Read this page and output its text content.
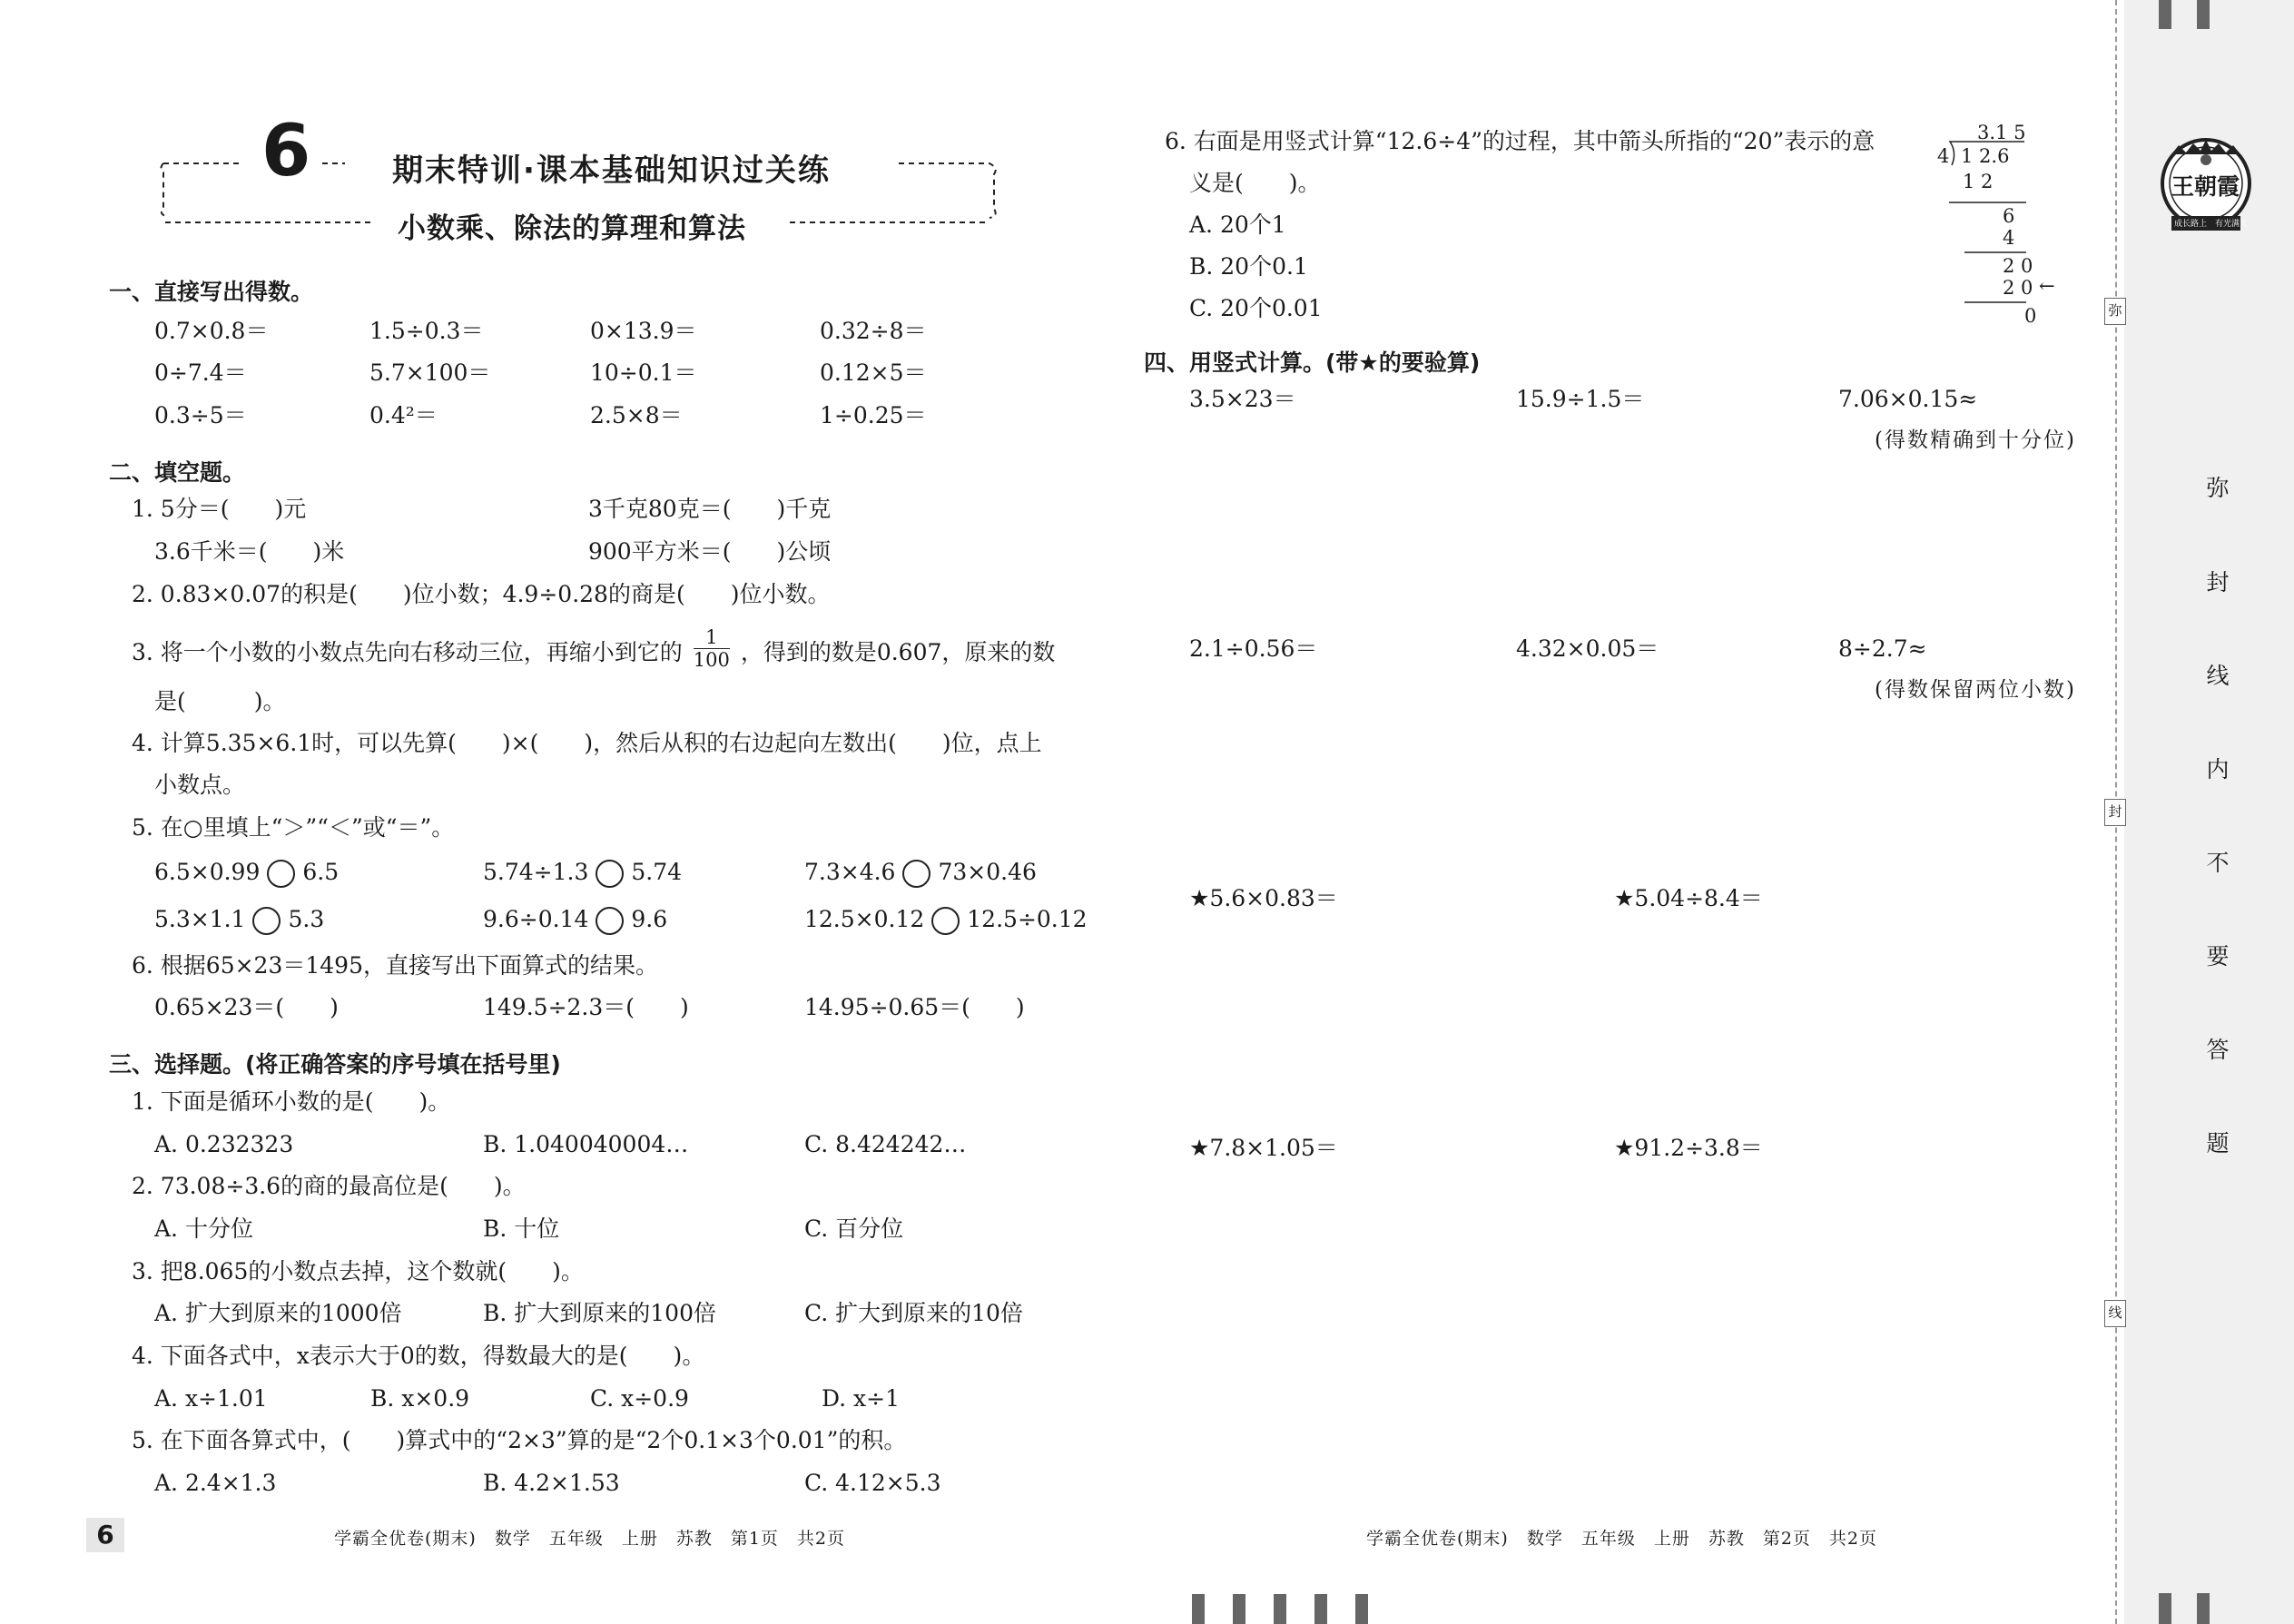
6	期末特训·课本基础知识过关练
小数乘、除法的算理和算法
一、直接写出得数。
0.7×0.8＝	1.5÷0.3＝	0×13.9＝	0.32÷8＝
0÷7.4＝	5.7×100＝	10÷0.1＝	0.12×5＝
0.3÷5＝	0.4²＝	2.5×8＝	1÷0.25＝
二、填空题。
1. 5分＝(　　)元	3千克80克＝(　　)千克
3.6千米＝(　　)米	900平方米＝(　　)公顷
2. 0.83×0.07的积是(　　)位小数；4.9÷0.28的商是(　　)位小数。
3. 将一个小数的小数点先向右移动三位，再缩小到它的 $\frac{1}{100}$ ，得到的数是0.607，原来的数
是(　　　)。
4. 计算5.35×6.1时，可以先算(　　)×(　　)，然后从积的右边起向左数出(　　)位，点上
小数点。
5. 在○里填上“＞”“＜”或“＝”。
6.5×0.99 6.5	5.74÷1.3 5.74	7.3×4.6 73×0.46
5.3×1.1 5.3	9.6÷0.14 9.6	12.5×0.12 12.5÷0.12
6. 根据65×23＝1495，直接写出下面算式的结果。
0.65×23＝(　　)	149.5÷2.3＝(　　)	14.95÷0.65＝(　　)
三、选择题。(将正确答案的序号填在括号里)
1. 下面是循环小数的是(　　)。
A. 0.232323	B. 1.040040004…	C. 8.424242…
2. 73.08÷3.6的商的最高位是(　　)。
A. 十分位	B. 十位	C. 百分位
3. 把8.065的小数点去掉，这个数就(　　)。
A. 扩大到原来的1000倍	B. 扩大到原来的100倍	C. 扩大到原来的10倍
4. 下面各式中，x表示大于0的数，得数最大的是(　　)。
A. x÷1.01	B. x×0.9	C. x÷0.9	D. x÷1
5. 在下面各算式中，(　　)算式中的“2×3”算的是“2个0.1×3个0.01”的积。
A. 2.4×1.3	B. 4.2×1.53	C. 4.12×5.3
6	学霸全优卷(期末)　数学　五年级　上册　苏教　第1页　共2页
6. 右面是用竖式计算“12.6÷4”的过程，其中箭头所指的“20”表示的意
义是(　　)。
A. 20个1
B. 20个0.1
C. 20个0.01
3.1 5
4 1 2.6
1 2
6
4
2 0
2 0 ←
0
四、用竖式计算。(带★的要验算)
3.5×23＝	15.9÷1.5＝	7.06×0.15≈
(得数精确到十分位)
2.1÷0.56＝	4.32×0.05＝	8÷2.7≈
(得数保留两位小数)
★5.6×0.83＝	★5.04÷8.4＝
★7.8×1.05＝	★91.2÷3.8＝
学霸全优卷(期末)　数学　五年级　上册　苏教　第2页　共2页
王朝霞
成长路上　有光满天
弥
封
线
内
不
要
答
题
弥
封
线
